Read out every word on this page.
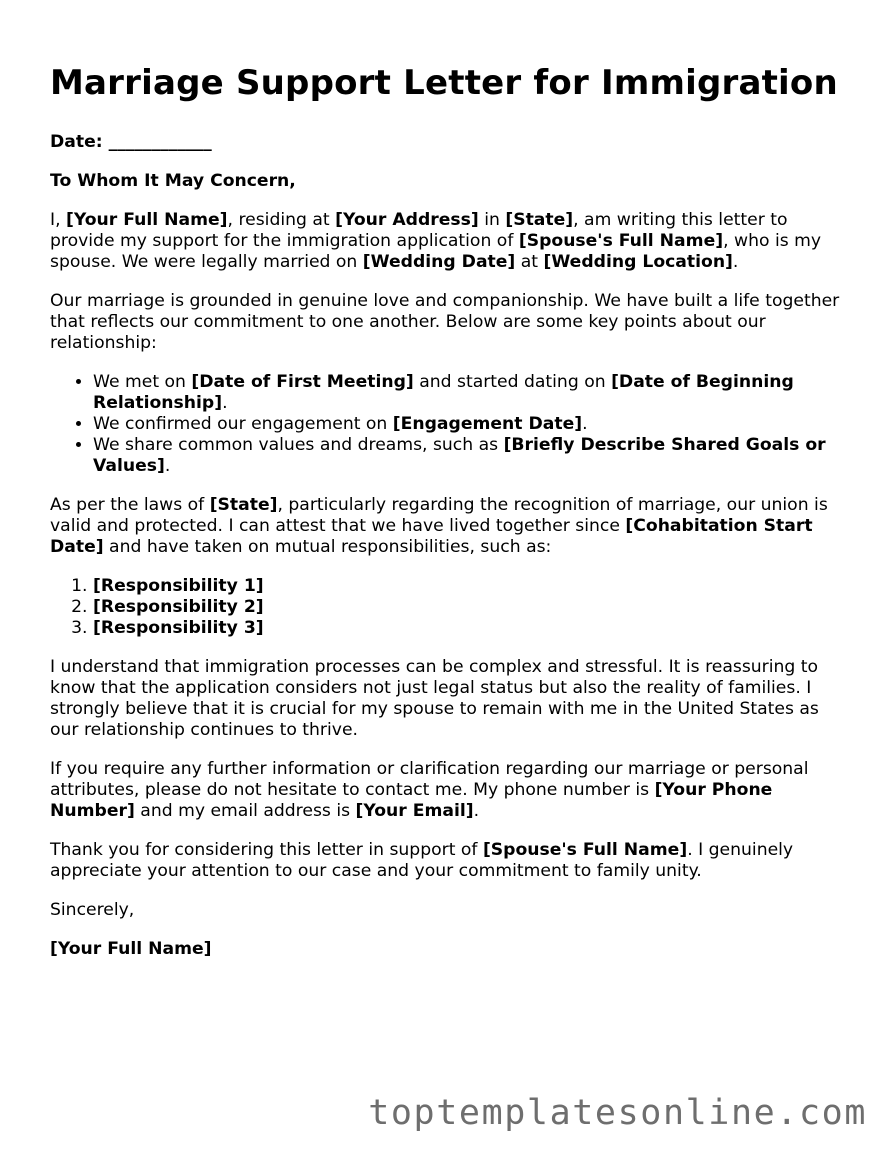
Marriage Support Letter for Immigration

Date: ____________

To Whom It May Concern,

I, [Your Full Name], residing at [Your Address] in [State], am writing this letter to provide my support for the immigration application of [Spouse's Full Name], who is my spouse. We were legally married on [Wedding Date] at [Wedding Location].

Our marriage is grounded in genuine love and companionship. We have built a life together that reflects our commitment to one another. Below are some key points about our relationship:

• We met on [Date of First Meeting] and started dating on [Date of Beginning Relationship].
• We confirmed our engagement on [Engagement Date].
• We share common values and dreams, such as [Briefly Describe Shared Goals or Values].

As per the laws of [State], particularly regarding the recognition of marriage, our union is valid and protected. I can attest that we have lived together since [Cohabitation Start Date] and have taken on mutual responsibilities, such as:

1. [Responsibility 1]
2. [Responsibility 2]
3. [Responsibility 3]

I understand that immigration processes can be complex and stressful. It is reassuring to know that the application considers not just legal status but also the reality of families. I strongly believe that it is crucial for my spouse to remain with me in the United States as our relationship continues to thrive.

If you require any further information or clarification regarding our marriage or personal attributes, please do not hesitate to contact me. My phone number is [Your Phone Number] and my email address is [Your Email].

Thank you for considering this letter in support of [Spouse's Full Name]. I genuinely appreciate your attention to our case and your commitment to family unity.

Sincerely,

[Your Full Name]

toptemplatesonline.com
